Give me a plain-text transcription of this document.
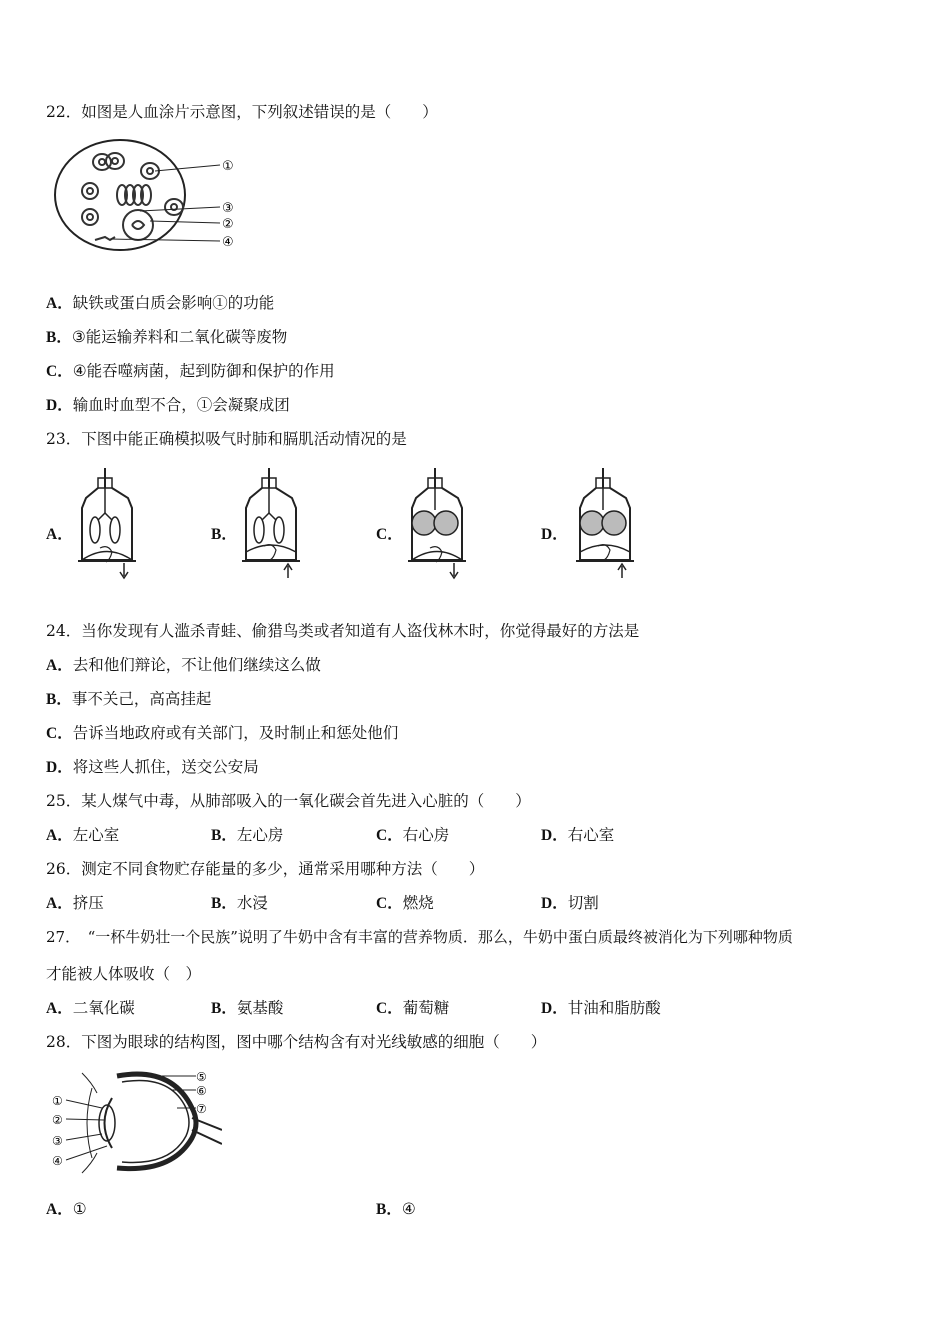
22．如图是人血涂片示意图，下列叙述错误的是（　　）
①
③
②
④
A．缺铁或蛋白质会影响①的功能
B．③能运输养料和二氧化碳等废物
C．④能吞噬病菌，起到防御和保护的作用
D．输血时血型不合，①会凝聚成团
23．下图中能正确模拟吸气时肺和膈肌活动情况的是
A．	B．	C．	D．
24．当你发现有人滥杀青蛙、偷猎鸟类或者知道有人盗伐林木时，你觉得最好的方法是
A．去和他们辩论，不让他们继续这么做
B．事不关己，高高挂起
C．告诉当地政府或有关部门，及时制止和惩处他们
D．将这些人抓住，送交公安局
25．某人煤气中毒，从肺部吸入的一氧化碳会首先进入心脏的（　　）
A．左心室	B．左心房	C．右心房	D．右心室
26．测定不同食物贮存能量的多少，通常采用哪种方法（　　）
A．挤压	B．水浸	C．燃烧	D．切割
27．　“一杯牛奶壮一个民族”说明了牛奶中含有丰富的营养物质．那么，牛奶中蛋白质最终被消化为下列哪种物质
才能被人体吸收（　）
A．二氧化碳	B．氨基酸	C．葡萄糖	D．甘油和脂肪酸
28．下图为眼球的结构图，图中哪个结构含有对光线敏感的细胞（　　）
①
②
③
④
⑤
⑥
⑦
A．①	B．④
